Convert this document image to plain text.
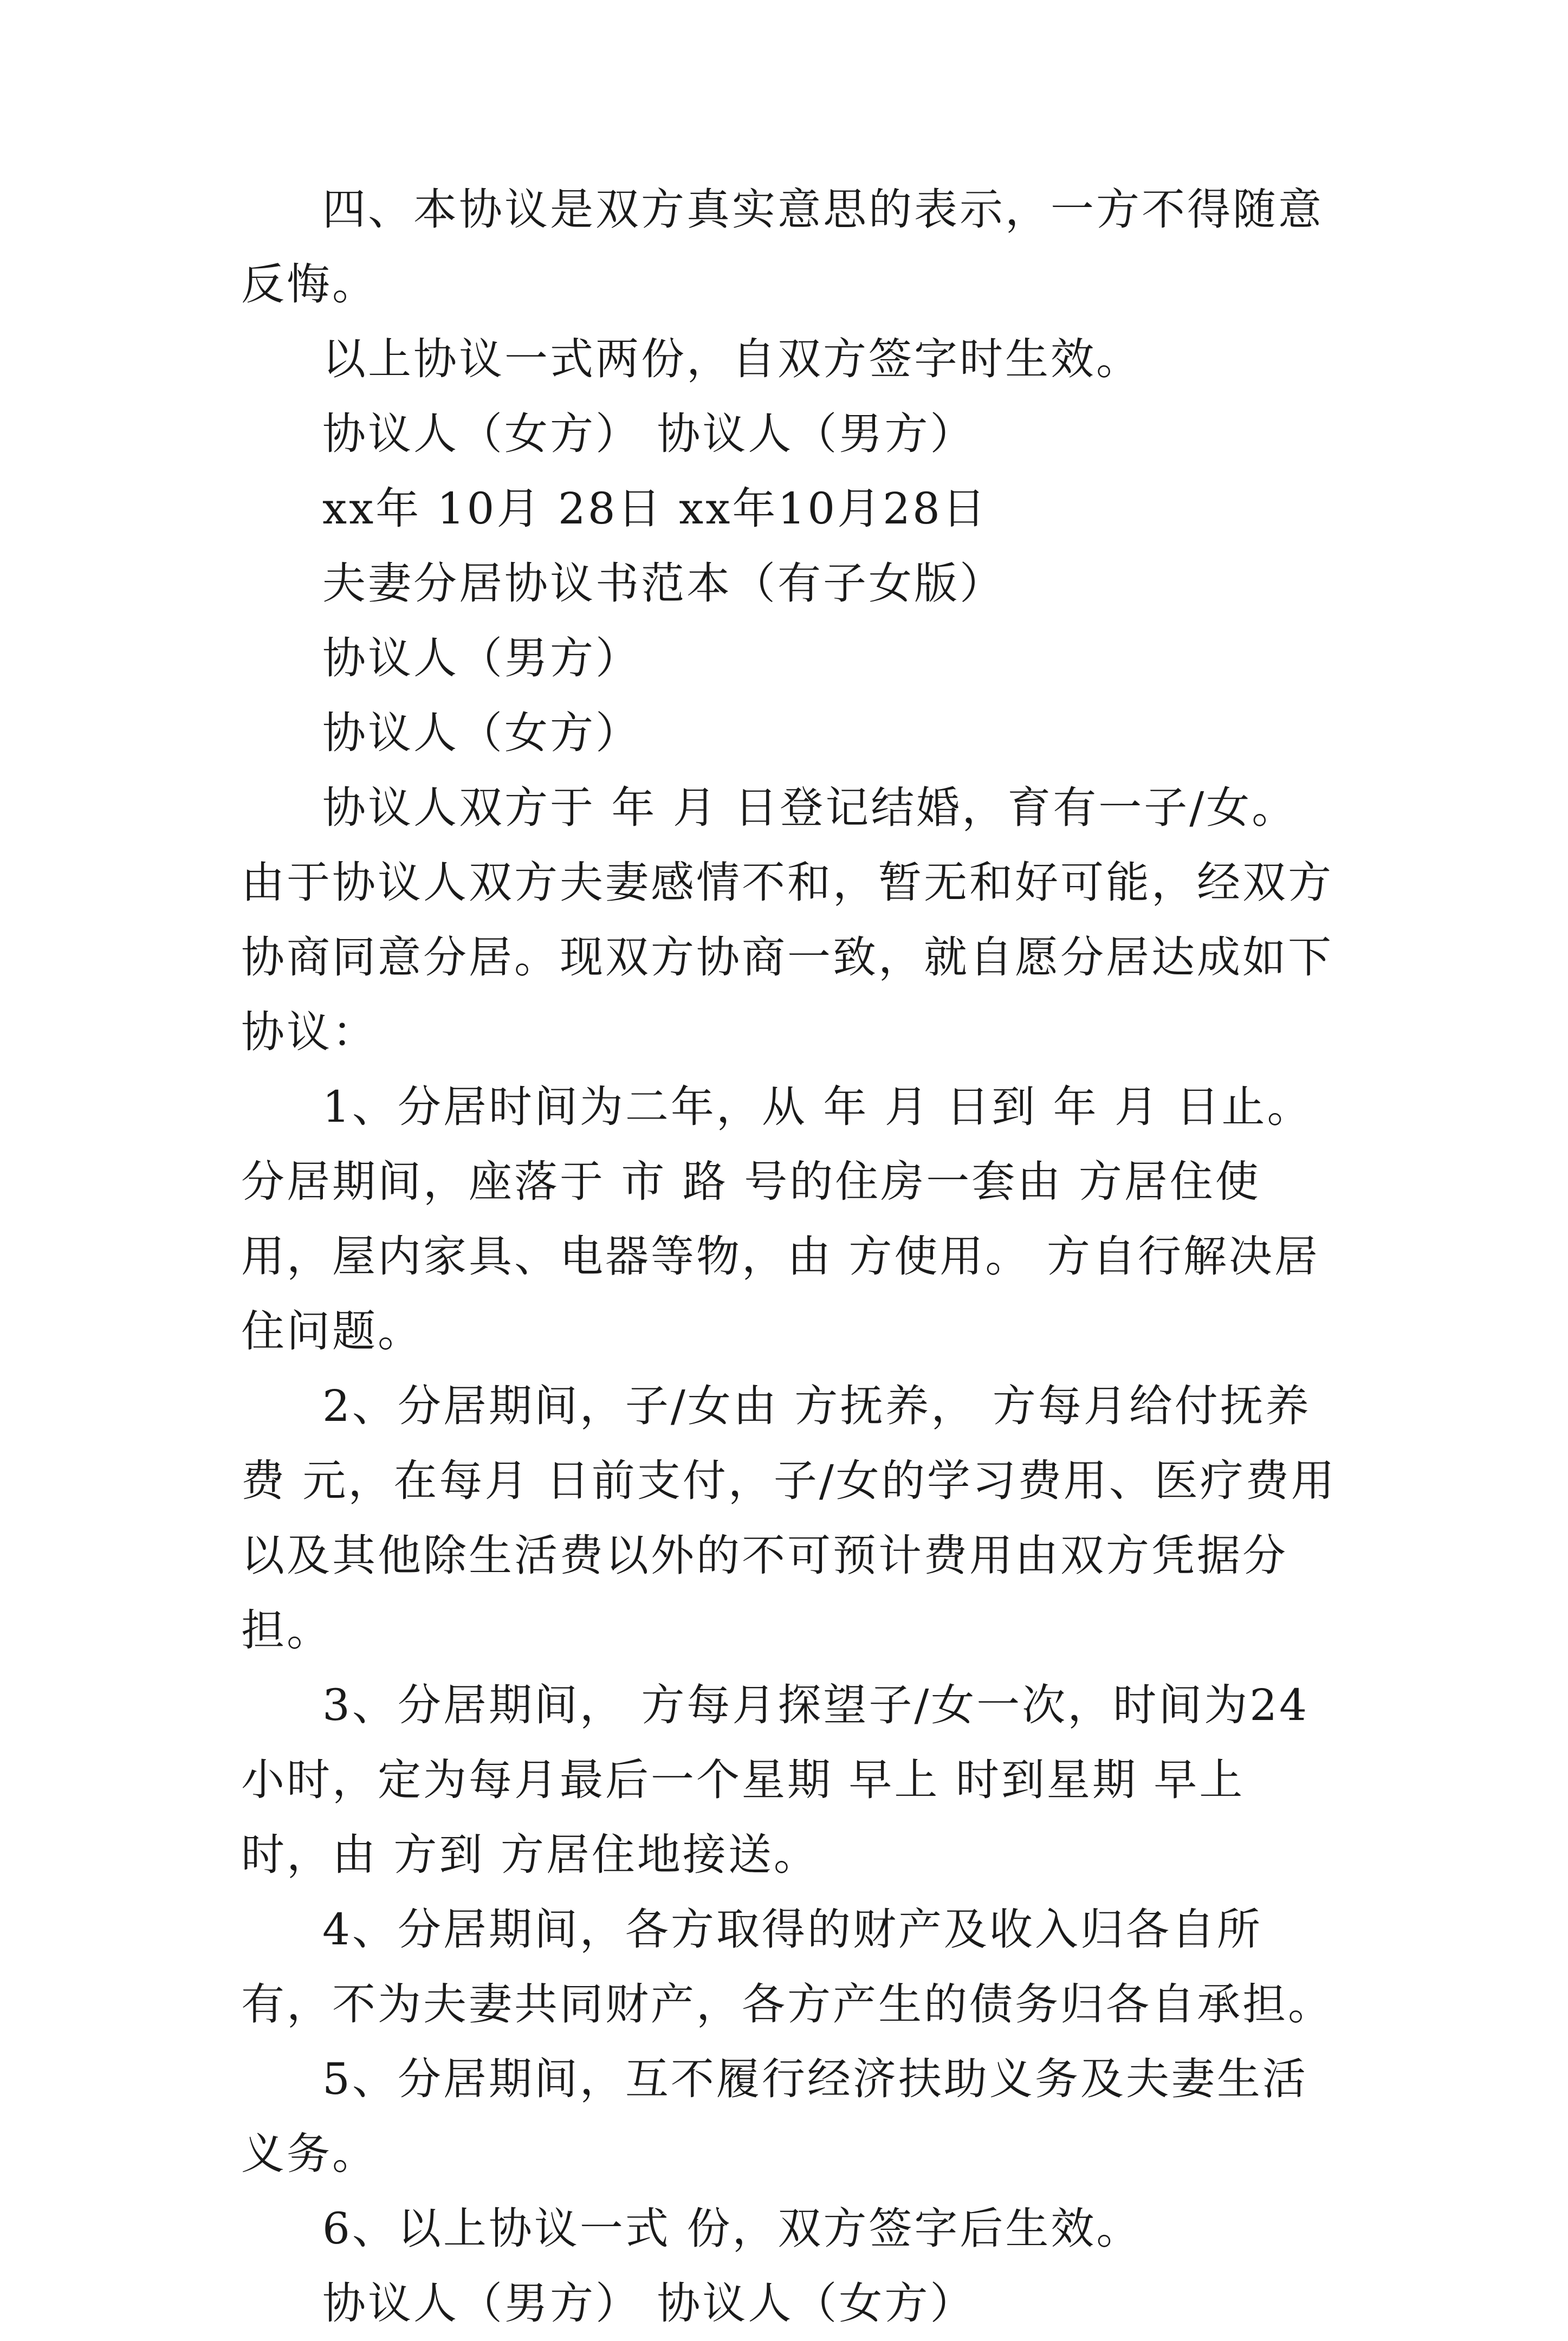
四、本协议是双方真实意思的表示，一方不得随意反悔。

以上协议一式两份，自双方签字时生效。

协议人（女方） 协议人（男方）

xx年 10月 28日 xx年10月28日

夫妻分居协议书范本（有子女版）

协议人（男方）

协议人（女方）

协议人双方于 年 月 日登记结婚，育有一子/女。由于协议人双方夫妻感情不和，暂无和好可能，经双方协商同意分居。现双方协商一致，就自愿分居达成如下协议：

1、分居时间为二年，从 年 月 日到 年 月 日止。分居期间，座落于 市 路 号的住房一套由 方居住使用，屋内家具、电器等物，由 方使用。 方自行解决居住问题。

2、分居期间，子/女由 方抚养， 方每月给付抚养费 元，在每月 日前支付，子/女的学习费用、医疗费用以及其他除生活费以外的不可预计费用由双方凭据分担。

3、分居期间， 方每月探望子/女一次，时间为24小时，定为每月最后一个星期 早上 时到星期 早上 时，由 方到 方居住地接送。

4、分居期间，各方取得的财产及收入归各自所有，不为夫妻共同财产，各方产生的债务归各自承担。

5、分居期间，互不履行经济扶助义务及夫妻生活义务。

6、以上协议一式 份，双方签字后生效。

协议人（男方） 协议人（女方）
